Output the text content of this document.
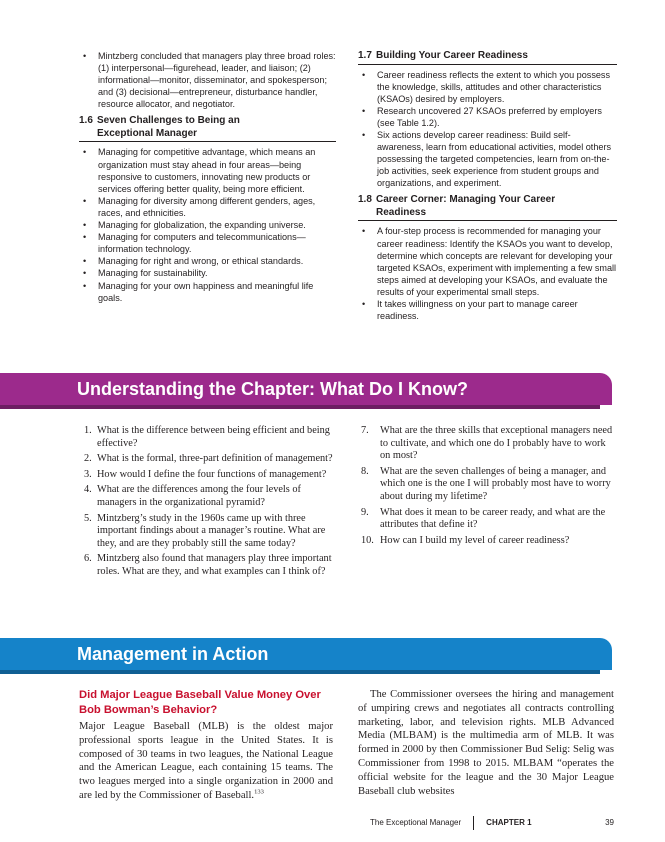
• Mintzberg concluded that managers play three broad roles: (1) interpersonal—figurehead, leader, and liaison; (2) informational—monitor, disseminator, and spokesperson; and (3) decisional—entrepreneur, disturbance handler, resource allocator, and negotiator.
1.6 Seven Challenges to Being an
Exceptional Manager
• Managing for competitive advantage, which means an organization must stay ahead in four areas—being responsive to customers, innovating new products or services offering better quality, being more efficient.
• Managing for diversity among different genders, ages, races, and ethnicities.
• Managing for globalization, the expanding universe.
• Managing for computers and telecommunications—information technology.
• Managing for right and wrong, or ethical standards.
• Managing for sustainability.
• Managing for your own happiness and meaningful life goals.
1.7 Building Your Career Readiness
• Career readiness reflects the extent to which you possess the knowledge, skills, attitudes and other characteristics (KSAOs) desired by employers.
• Research uncovered 27 KSAOs preferred by employers (see Table 1.2).
• Six actions develop career readiness: Build self-awareness, learn from educational activities, model others possessing the targeted competencies, learn from on-the-job activities, seek experience from student groups and organizations, and experiment.
1.8 Career Corner: Managing Your Career
Readiness
• A four-step process is recommended for managing your career readiness: Identify the KSAOs you want to develop, determine which concepts are relevant for developing your targeted KSAOs, experiment with implementing a few small steps aimed at developing your KSAOs, and evaluate the results of your experimental small steps.
• It takes willingness on your part to manage career readiness.
Understanding the Chapter: What Do I Know?
1. What is the difference between being efficient and being effective?
2. What is the formal, three-part definition of management?
3. How would I define the four functions of management?
4. What are the differences among the four levels of managers in the organizational pyramid?
5. Mintzberg’s study in the 1960s came up with three important findings about a manager’s routine. What are they, and are they probably still the same today?
6. Mintzberg also found that managers play three important roles. What are they, and what examples can I think of?
7. What are the three skills that exceptional managers need to cultivate, and which one do I probably have to work on most?
8. What are the seven challenges of being a manager, and which one is the one I will probably most have to worry about during my lifetime?
9. What does it mean to be career ready, and what are the attributes that define it?
10. How can I build my level of career readiness?
Management in Action
Did Major League Baseball Value Money Over Bob Bowman’s Behavior?
Major League Baseball (MLB) is the oldest major professional sports league in the United States. It is composed of 30 teams in two leagues, the National League and the American League, each containing 15 teams. The two leagues merged into a single organization in 2000 and are led by the Commissioner of Baseball.$^{133}$
The Commissioner oversees the hiring and management of umpiring crews and negotiates all contracts controlling marketing, labor, and television rights. MLB Advanced Media (MLBAM) is the multimedia arm of MLB. It was formed in 2000 by then Commissioner Bud Selig: Selig was Commissioner from 1998 to 2015. MLBAM “operates the official website for the league and the 30 Major League Baseball club websites
The Exceptional Manager	CHAPTER 1	39
